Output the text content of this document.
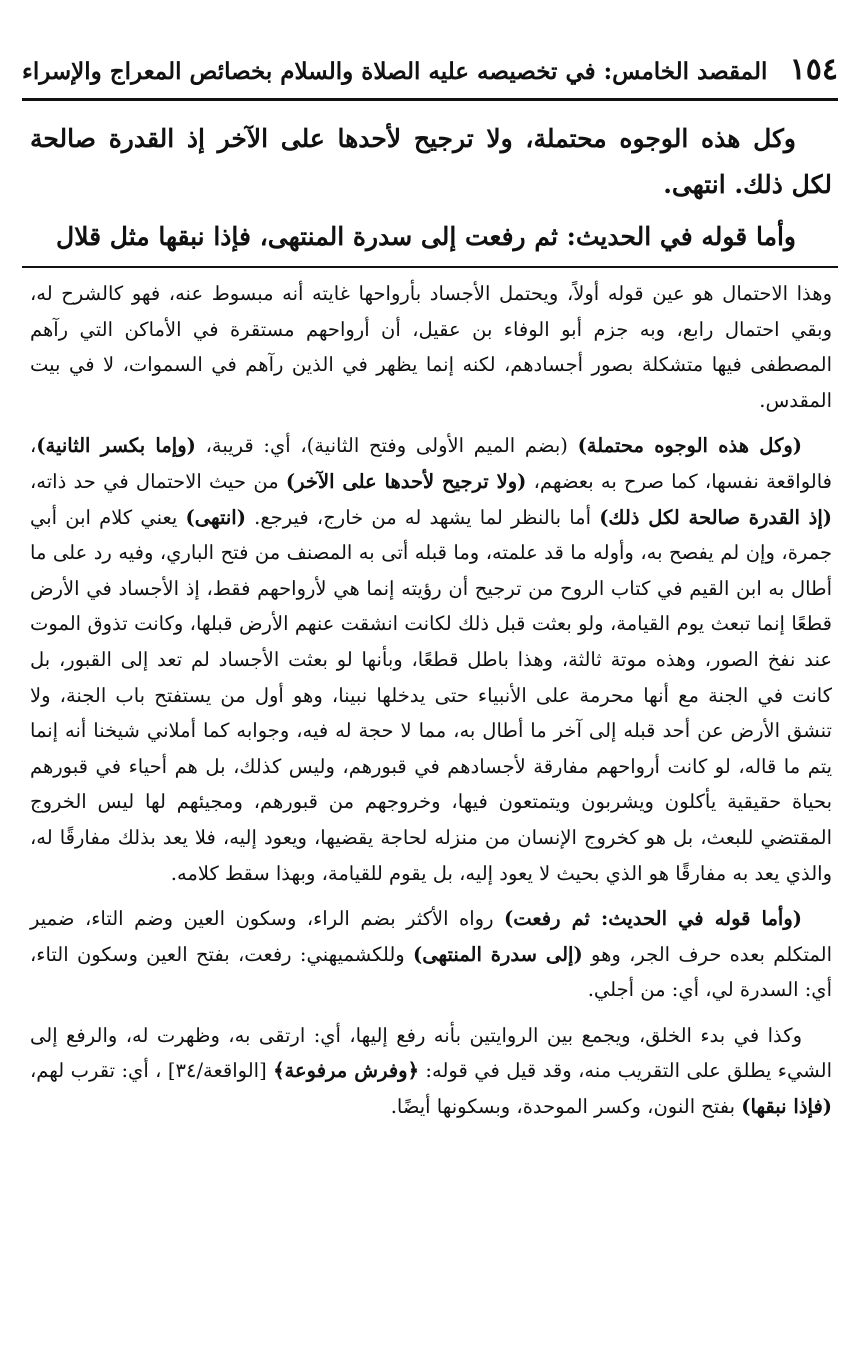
١٥٤
المقصد الخامس: في تخصيصه عليه الصلاة والسلام بخصائص المعراج والإسراء

وكل هذه الوجوه محتملة، ولا ترجيح لأحدها على الآخر إذ القدرة صالحة لكل ذلك. انتهى.

وأما قوله في الحديث: ثم رفعت إلى سدرة المنتهى، فإذا نبقها مثل قلال

وهذا الاحتمال هو عين قوله أولاً، ويحتمل الأجساد بأرواحها غايته أنه مبسوط عنه، فهو كالشرح له، وبقي احتمال رابع، وبه جزم أبو الوفاء بن عقيل، أن أرواحهم مستقرة في الأماكن التي رآهم المصطفى فيها متشكلة بصور أجسادهم، لكنه إنما يظهر في الذين رآهم في السموات، لا في بيت المقدس.

(وكل هذه الوجوه محتملة) (بضم الميم الأولى وفتح الثانية)، أي: قريبة، (وإما بكسر الثانية)، فالواقعة نفسها، كما صرح به بعضهم، (ولا ترجيح لأحدها على الآخر) من حيث الاحتمال في حد ذاته، (إذ القدرة صالحة لكل ذلك) أما بالنظر لما يشهد له من خارج، فيرجع. (انتهى) يعني كلام ابن أبي جمرة، وإن لم يفصح به، وأوله ما قد علمته، وما قبله أتى به المصنف من فتح الباري، وفيه رد على ما أطال به ابن القيم في كتاب الروح من ترجيح أن رؤيته إنما هي لأرواحهم فقط، إذ الأجساد في الأرض قطعًا إنما تبعث يوم القيامة، ولو بعثت قبل ذلك لكانت انشقت عنهم الأرض قبلها، وكانت تذوق الموت عند نفخ الصور، وهذه موتة ثالثة، وهذا باطل قطعًا، وبأنها لو بعثت الأجساد لم تعد إلى القبور، بل كانت في الجنة مع أنها محرمة على الأنبياء حتى يدخلها نبينا، وهو أول من يستفتح باب الجنة، ولا تنشق الأرض عن أحد قبله إلى آخر ما أطال به، مما لا حجة له فيه، وجوابه كما أملاني شيخنا أنه إنما يتم ما قاله، لو كانت أرواحهم مفارقة لأجسادهم في قبورهم، وليس كذلك، بل هم أحياء في قبورهم بحياة حقيقية يأكلون ويشربون ويتمتعون فيها، وخروجهم من قبورهم، ومجيئهم لها ليس الخروج المقتضي للبعث، بل هو كخروج الإنسان من منزله لحاجة يقضيها، ويعود إليه، فلا يعد بذلك مفارقًا له، والذي يعد به مفارقًا هو الذي بحيث لا يعود إليه، بل يقوم للقيامة، وبهذا سقط كلامه.

(وأما قوله في الحديث: ثم رفعت) رواه الأكثر بضم الراء، وسكون العين وضم التاء، ضمير المتكلم بعده حرف الجر، وهو (إلى سدرة المنتهى) وللكشميهني: رفعت، بفتح العين وسكون التاء، أي: السدرة لي، أي: من أجلي.

وكذا في بدء الخلق، ويجمع بين الروايتين بأنه رفع إليها، أي: ارتقى به، وظهرت له، والرفع إلى الشيء يطلق على التقريب منه، وقد قيل في قوله: ﴿وفرش مرفوعة﴾ [الواقعة/٣٤] ، أي: تقرب لهم، (فإذا نبقها) بفتح النون، وكسر الموحدة، وبسكونها أيضًا.
